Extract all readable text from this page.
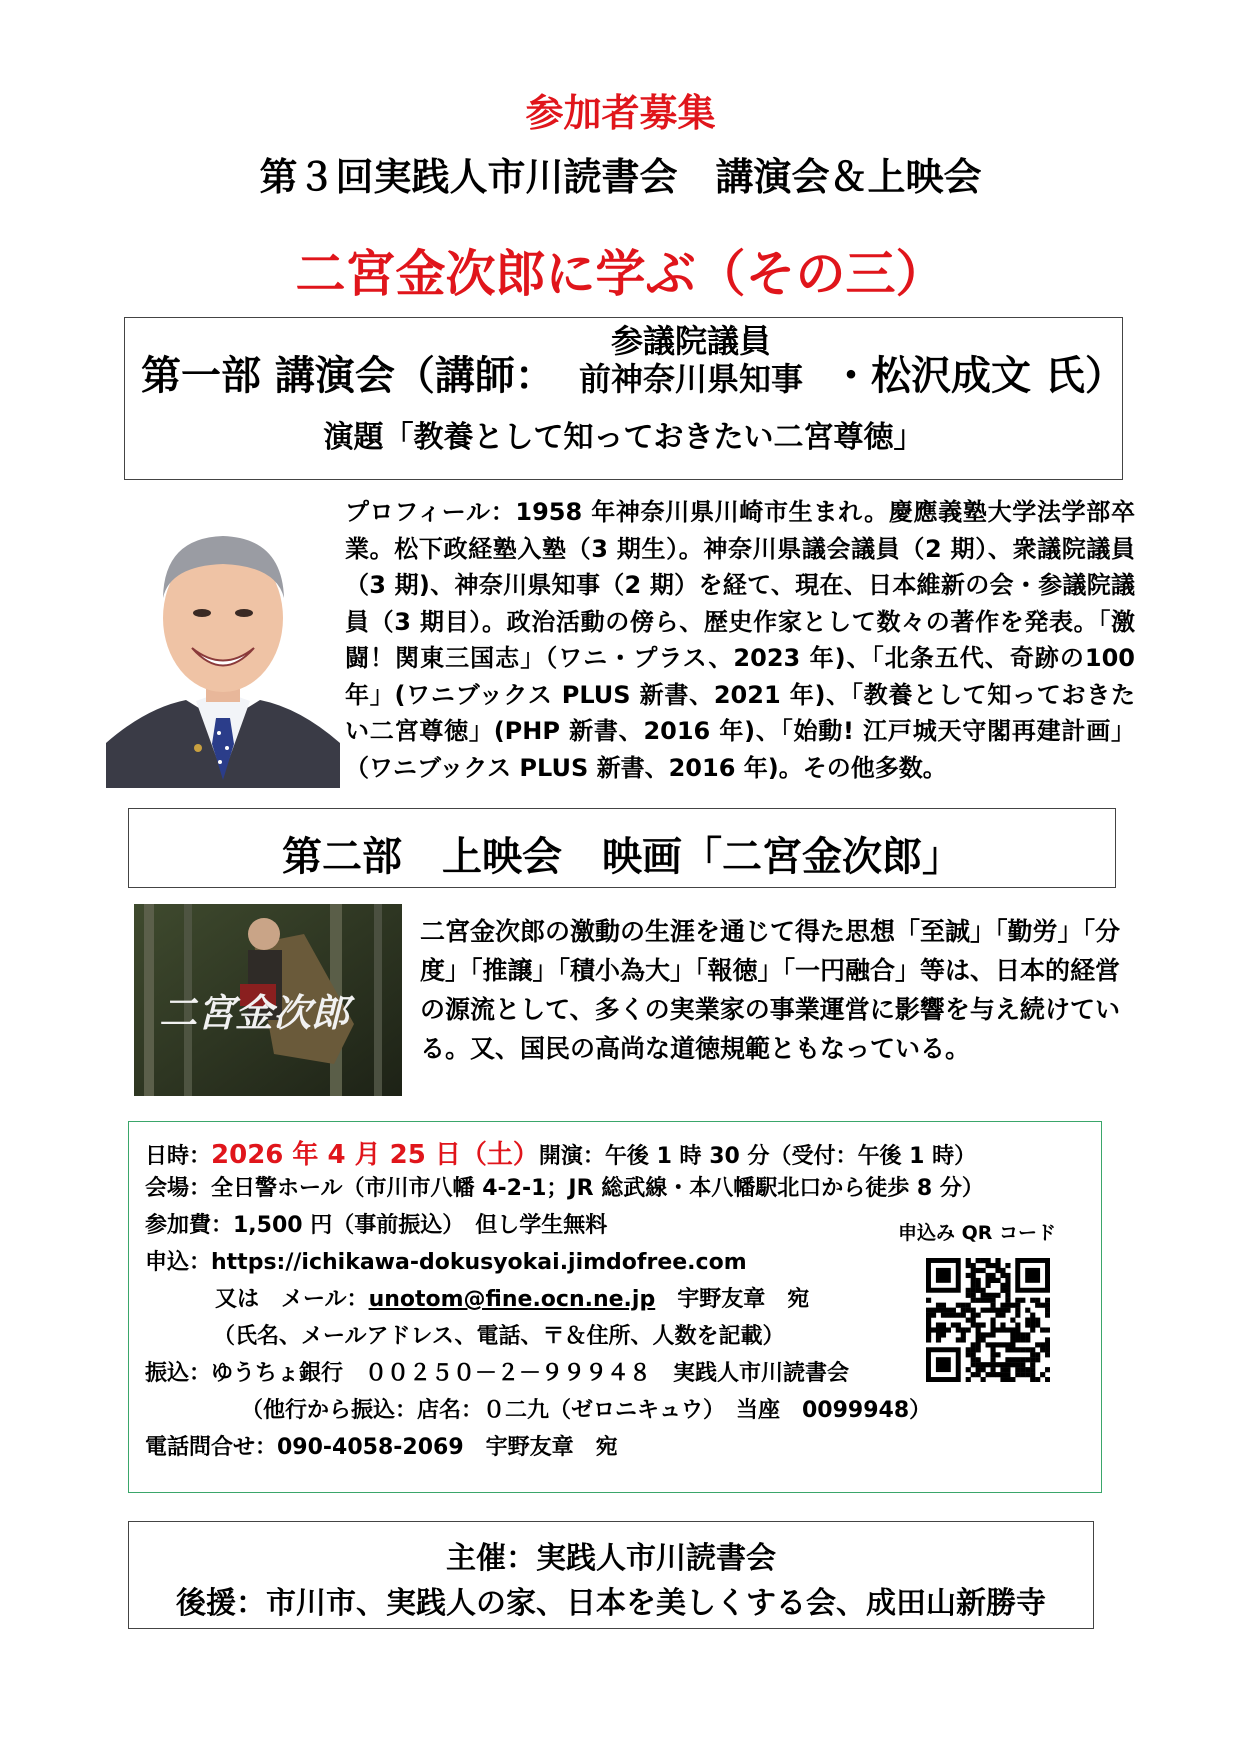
参加者募集
第３回実践人市川読書会　講演会＆上映会
二宮金次郎に学ぶ（その三）
第一部 講演会（講師：
参議院議員
前神奈川県知事 ・松沢成文 氏）
演題「教養として知っておきたい二宮尊徳」
プロフィール：1958 年神奈川県川崎市生まれ。慶應義塾大学法学部卒業。松下政経塾入塾（3 期生）。神奈川県議会議員（2 期）、衆議院議員（3 期)、神奈川県知事（2 期）を経て、現在、日本維新の会・参議院議員（3 期目）。政治活動の傍ら、歴史作家として数々の著作を発表。「激闘！関東三国志」（ワニ・プラス、2023 年)、「北条五代、奇跡の100 年」(ワニブックス PLUS 新書、2021 年)、「教養として知っておきたい二宮尊徳」(PHP 新書、2016 年)、「始動! 江戸城天守閣再建計画」（ワニブックス PLUS 新書、2016 年)。その他多数。
第二部　上映会　映画「二宮金次郎」
二宮金次郎
二宮金次郎の激動の生涯を通じて得た思想「至誠」「勤労」「分度」「推譲」「積小為大」「報徳」「一円融合」等は、日本的経営の源流として、多くの実業家の事業運営に影響を与え続けている。又、国民の高尚な道徳規範ともなっている。
日時：2026 年 4 月 25 日（土）開演：午後 1 時 30 分（受付：午後 1 時）
会場：全日警ホール（市川市八幡 4-2-1；JR 総武線・本八幡駅北口から徒歩 8 分）
参加費：1,500 円（事前振込）　但し学生無料
申込：https://ichikawa-dokusyokai.jimdofree.com
又は　メール：unotom@fine.ocn.ne.jp　宇野友章　宛
（氏名、メールアドレス、電話、〒＆住所、人数を記載）
振込：ゆうちょ銀行　００２５０－２－９９９４８　実践人市川読書会
（他行から振込：店名：０二九（ゼロニキュウ）　当座　0099948）
電話問合せ：090-4058-2069　宇野友章　宛
申込み QR コード
主催：実践人市川読書会
後援：市川市、実践人の家、日本を美しくする会、成田山新勝寺
